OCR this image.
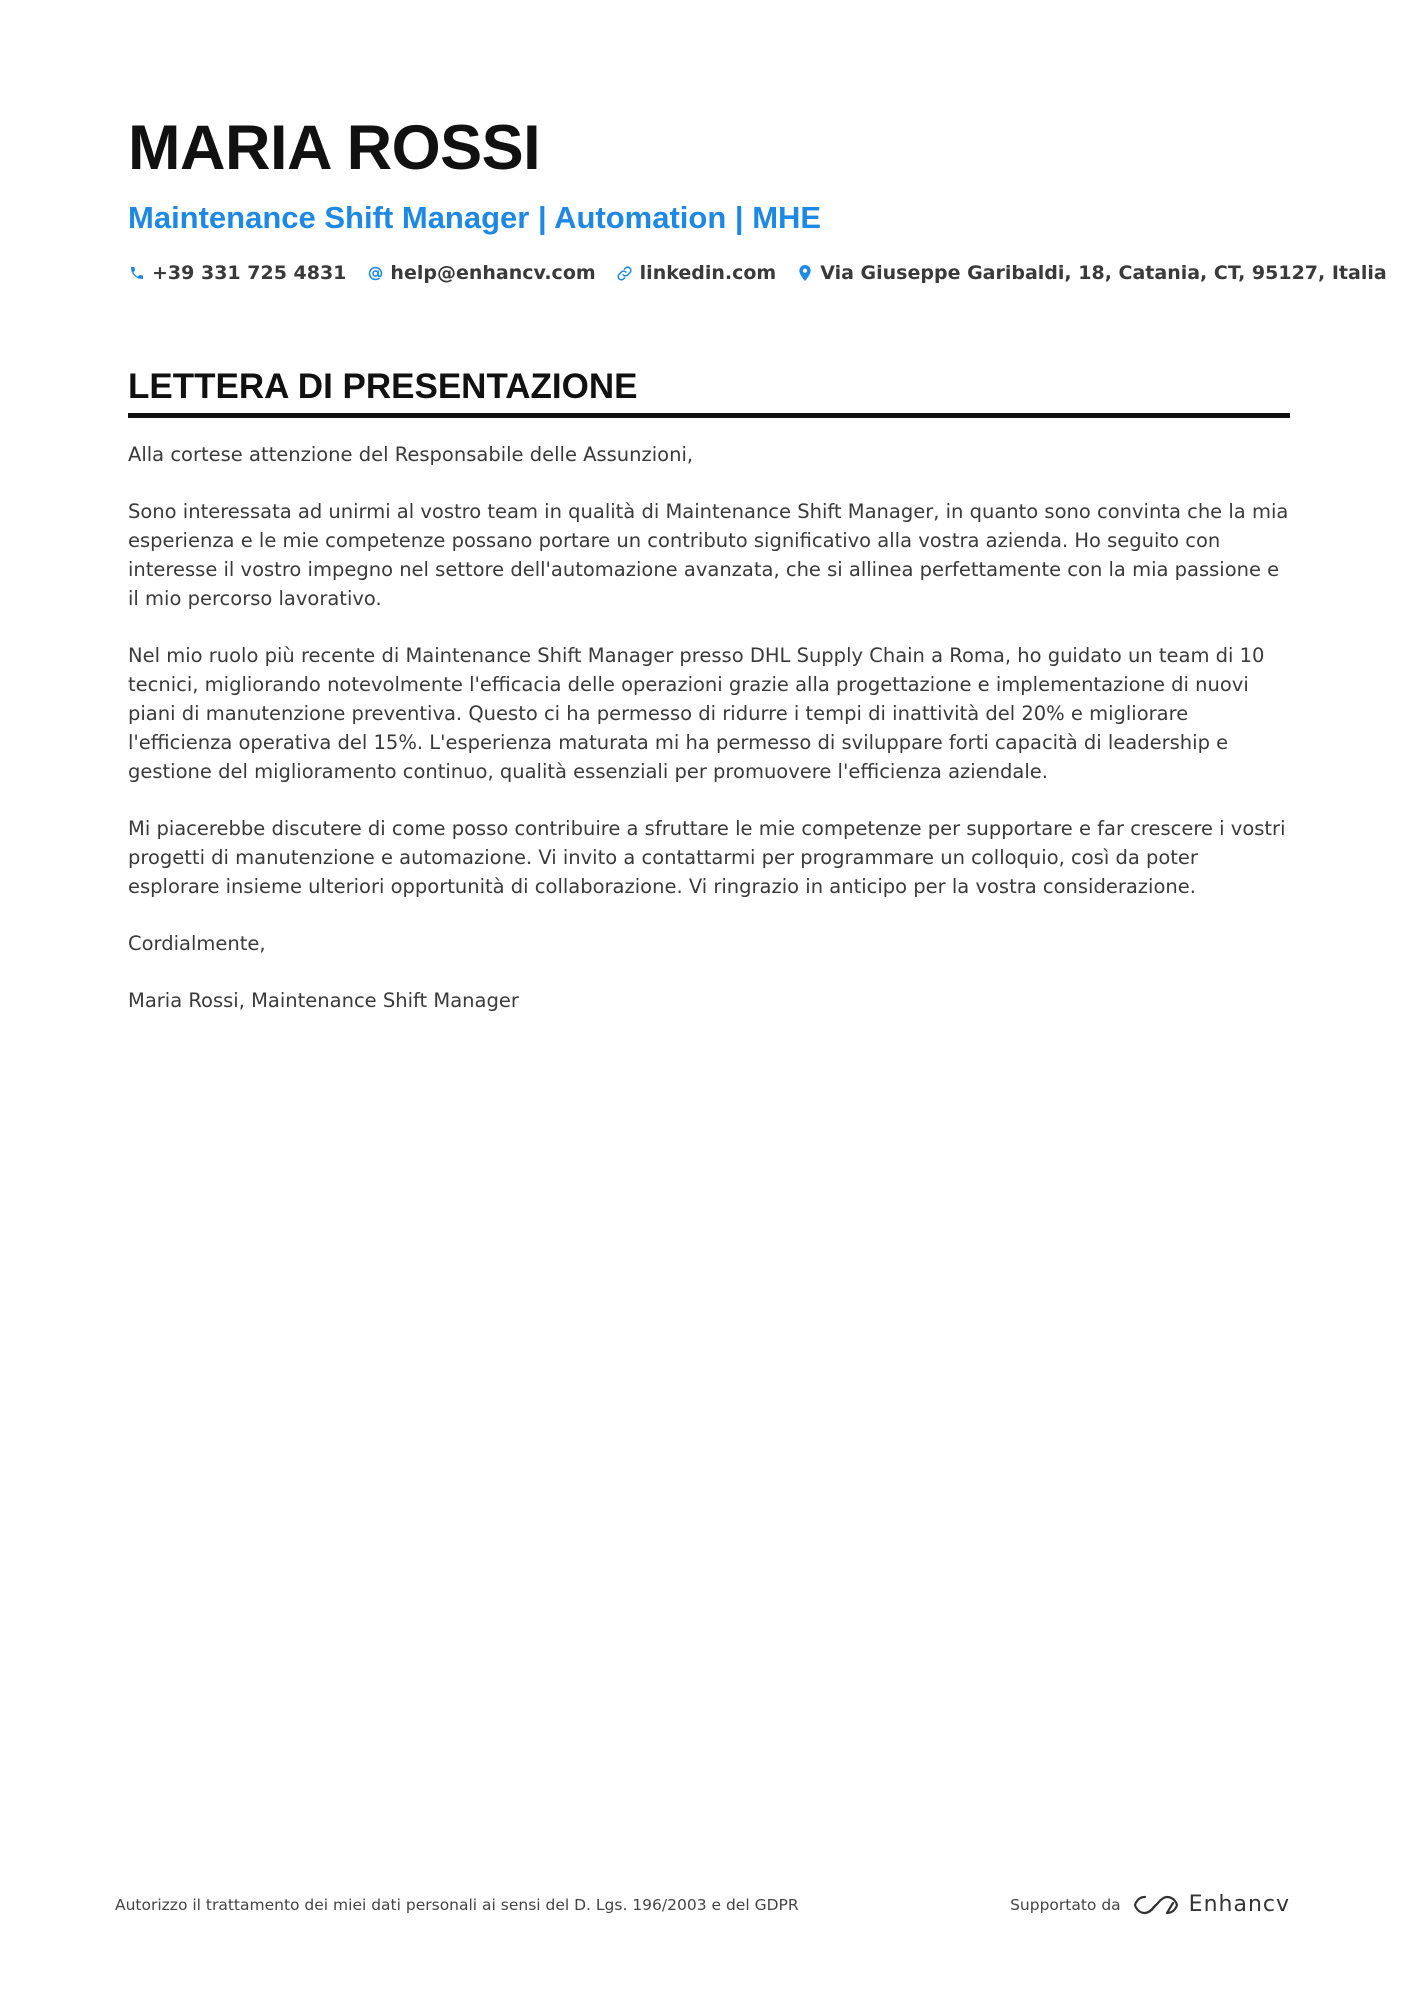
MARIA ROSSI
Maintenance Shift Manager | Automation | MHE
+39 331 725 4831 help@enhancv.com linkedin.com Via Giuseppe Garibaldi, 18, Catania, CT, 95127, Italia
LETTERA DI PRESENTAZIONE

Alla cortese attenzione del Responsabile delle Assunzioni,

Sono interessata ad unirmi al vostro team in qualità di Maintenance Shift Manager, in quanto sono convinta che la mia esperienza e le mie competenze possano portare un contributo significativo alla vostra azienda. Ho seguito con interesse il vostro impegno nel settore dell'automazione avanzata, che si allinea perfettamente con la mia passione e il mio percorso lavorativo.

Nel mio ruolo più recente di Maintenance Shift Manager presso DHL Supply Chain a Roma, ho guidato un team di 10 tecnici, migliorando notevolmente l'efficacia delle operazioni grazie alla progettazione e implementazione di nuovi piani di manutenzione preventiva. Questo ci ha permesso di ridurre i tempi di inattività del 20% e migliorare l'efficienza operativa del 15%. L'esperienza maturata mi ha permesso di sviluppare forti capacità di leadership e gestione del miglioramento continuo, qualità essenziali per promuovere l'efficienza aziendale.

Mi piacerebbe discutere di come posso contribuire a sfruttare le mie competenze per supportare e far crescere i vostri progetti di manutenzione e automazione. Vi invito a contattarmi per programmare un colloquio, così da poter esplorare insieme ulteriori opportunità di collaborazione. Vi ringrazio in anticipo per la vostra considerazione.

Cordialmente,

Maria Rossi, Maintenance Shift Manager

Autorizzo il trattamento dei miei dati personali ai sensi del D. Lgs. 196/2003 e del GDPR	Supportato da	Enhancv
